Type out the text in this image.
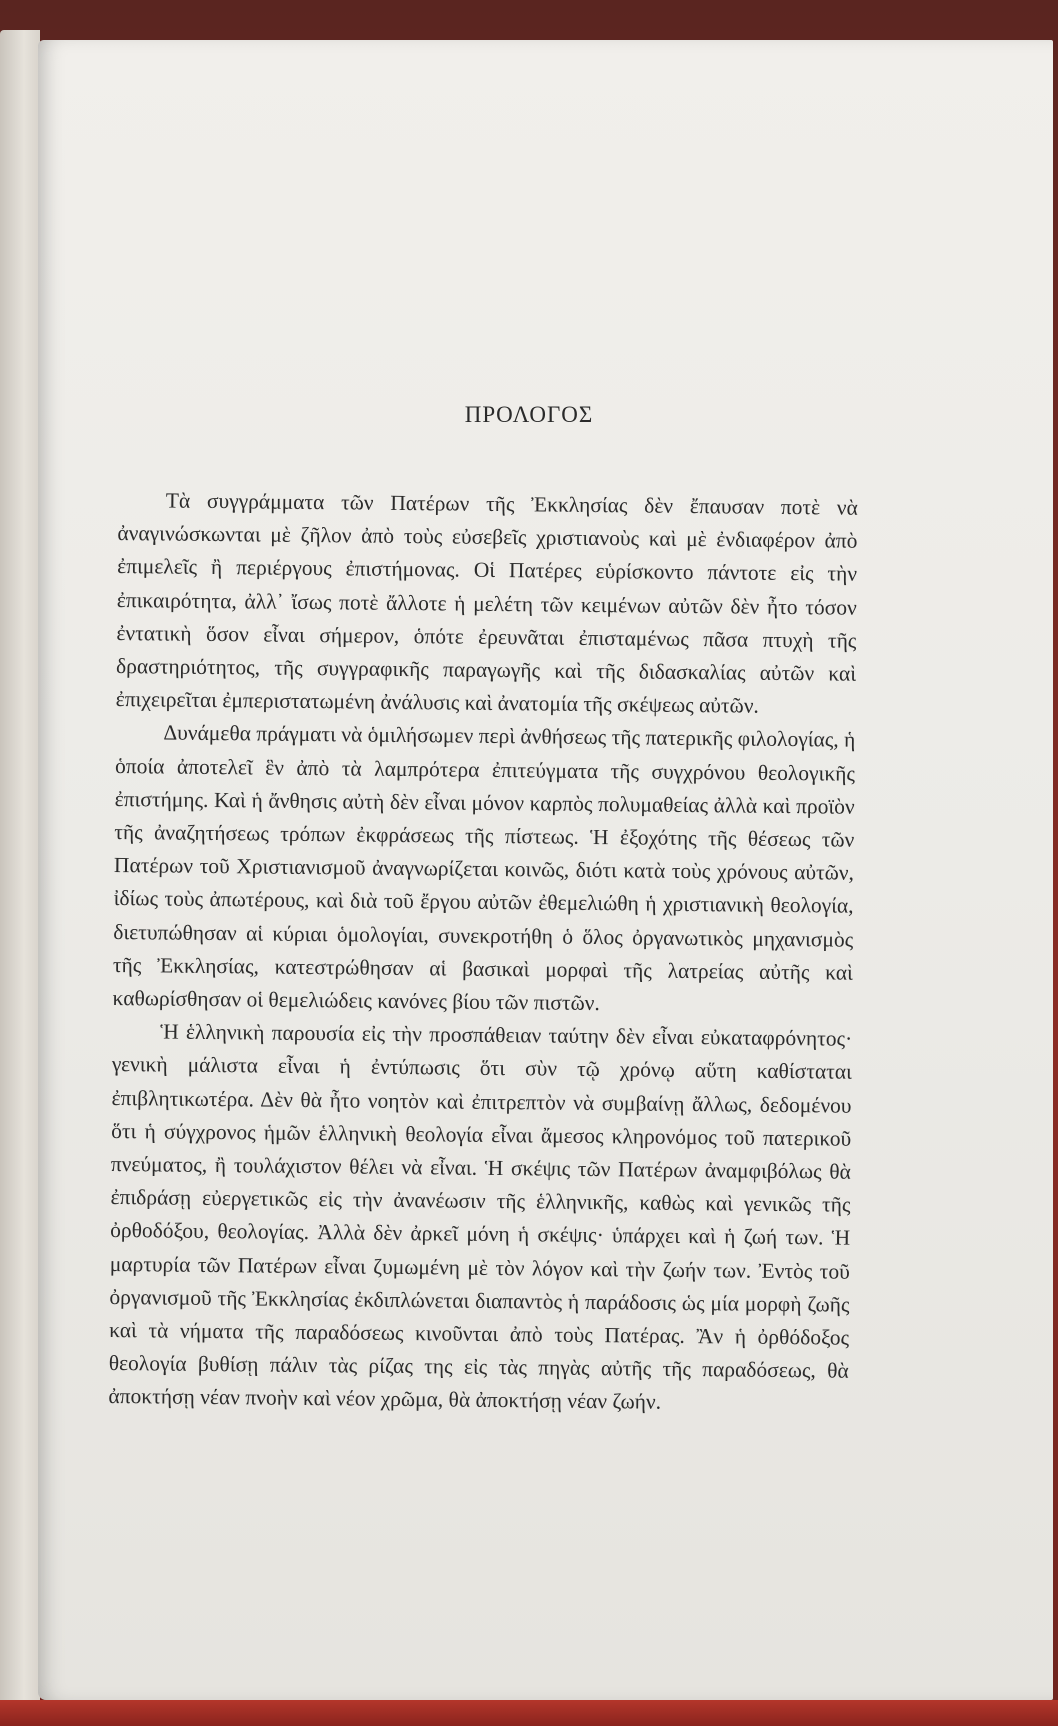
ΠΡΟΛΟΓΟΣ

Τὰ συγγράμματα τῶν Πατέρων τῆς Ἐκκλησίας δὲν ἔπαυσαν ποτὲ νὰ ἀναγινώσκωνται μὲ ζῆλον ἀπὸ τοὺς εὐσεβεῖς χριστιανοὺς καὶ μὲ ἐνδιαφέρον ἀπὸ ἐπιμελεῖς ἢ περιέργους ἐπιστήμονας. Οἱ Πατέρες εὑρίσκοντο πάντοτε εἰς τὴν ἐπικαιρότητα, ἀλλ᾽ ἴσως ποτὲ ἄλλοτε ἡ μελέτη τῶν κειμένων αὐτῶν δὲν ἦτο τόσον ἐντατικὴ ὅσον εἶναι σήμερον, ὁπότε ἐρευνᾶται ἐπισταμένως πᾶσα πτυχὴ τῆς δραστηριότητος, τῆς συγγραφικῆς παραγωγῆς καὶ τῆς διδασκαλίας αὐτῶν καὶ ἐπιχειρεῖται ἐμπεριστατωμένη ἀνάλυσις καὶ ἀνατομία τῆς σκέψεως αὐτῶν.

Δυνάμεθα πράγματι νὰ ὁμιλήσωμεν περὶ ἀνθήσεως τῆς πατερικῆς φιλολογίας, ἡ ὁποία ἀποτελεῖ ἓν ἀπὸ τὰ λαμπρότερα ἐπιτεύγματα τῆς συγχρόνου θεολογικῆς ἐπιστήμης. Καὶ ἡ ἄνθησις αὐτὴ δὲν εἶναι μόνον καρπὸς πολυμαθείας ἀλλὰ καὶ προϊὸν τῆς ἀναζητήσεως τρόπων ἐκφράσεως τῆς πίστεως. Ἡ ἐξοχότης τῆς θέσεως τῶν Πατέρων τοῦ Χριστιανισμοῦ ἀναγνωρίζεται κοινῶς, διότι κατὰ τοὺς χρόνους αὐτῶν, ἰδίως τοὺς ἀπωτέρους, καὶ διὰ τοῦ ἔργου αὐτῶν ἐθεμελιώθη ἡ χριστιανικὴ θεολογία, διετυπώθησαν αἱ κύριαι ὁμολογίαι, συνεκροτήθη ὁ ὅλος ὀργανωτικὸς μηχανισμὸς τῆς Ἐκκλησίας, κατεστρώθησαν αἱ βασικαὶ μορφαὶ τῆς λατρείας αὐτῆς καὶ καθωρίσθησαν οἱ θεμελιώδεις κανόνες βίου τῶν πιστῶν.

Ἡ ἑλληνικὴ παρουσία εἰς τὴν προσπάθειαν ταύτην δὲν εἶναι εὐκαταφρόνητος· γενικὴ μάλιστα εἶναι ἡ ἐντύπωσις ὅτι σὺν τῷ χρόνῳ αὕτη καθίσταται ἐπιβλητικωτέρα. Δὲν θὰ ἦτο νοητὸν καὶ ἐπιτρεπτὸν νὰ συμβαίνῃ ἄλλως, δεδομένου ὅτι ἡ σύγχρονος ἡμῶν ἑλληνικὴ θεολογία εἶναι ἄμεσος κληρονόμος τοῦ πατερικοῦ πνεύματος, ἢ τουλάχιστον θέλει νὰ εἶναι. Ἡ σκέψις τῶν Πατέρων ἀναμφιβόλως θὰ ἐπιδράσῃ εὐεργετικῶς εἰς τὴν ἀνανέωσιν τῆς ἑλληνικῆς, καθὼς καὶ γενικῶς τῆς ὀρθοδόξου, θεολογίας. Ἀλλὰ δὲν ἀρκεῖ μόνη ἡ σκέψις· ὑπάρχει καὶ ἡ ζωή των. Ἡ μαρτυρία τῶν Πατέρων εἶναι ζυμωμένη μὲ τὸν λόγον καὶ τὴν ζωήν των. Ἐντὸς τοῦ ὀργανισμοῦ τῆς Ἐκκλησίας ἐκδιπλώνεται διαπαντὸς ἡ παράδοσις ὡς μία μορφὴ ζωῆς καὶ τὰ νήματα τῆς παραδόσεως κινοῦνται ἀπὸ τοὺς Πατέρας. Ἂν ἡ ὀρθόδοξος θεολογία βυθίσῃ πάλιν τὰς ρίζας της εἰς τὰς πηγὰς αὐτῆς τῆς παραδόσεως, θὰ ἀποκτήσῃ νέαν πνοὴν καὶ νέον χρῶμα, θὰ ἀποκτήσῃ νέαν ζωήν.
